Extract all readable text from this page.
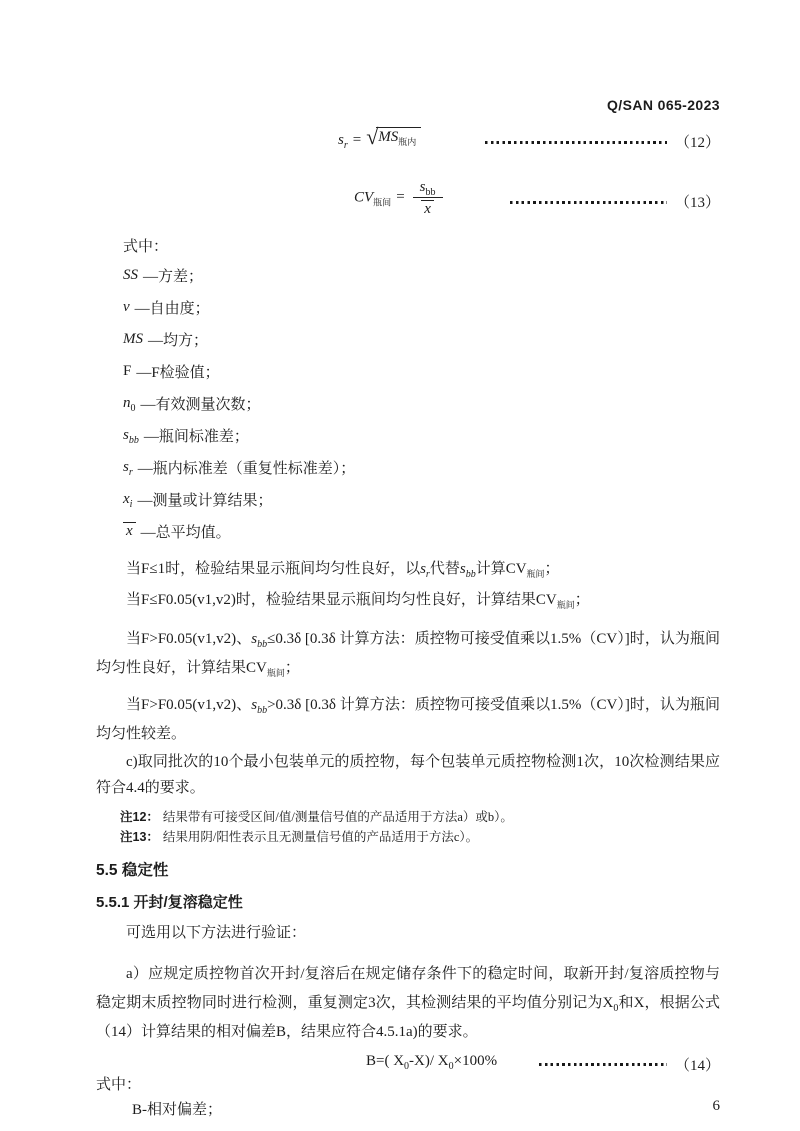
Q/SAN 065-2023
$s_r$ = √ $MS_{瓶内}$	（12）
$CV_{瓶间} = \frac{s_{bb}}{x}$	（13）
式中：
SS —方差；
v —自由度；
MS —均方；
F —F检验值；
$n_0$ —有效测量次数；
$s_{bb}$ —瓶间标准差；
$s_r$ —瓶内标准差（重复性标准差）；
$x_i$ —测量或计算结果；
x —总平均值。

当F≤1时，检验结果显示瓶间均匀性良好，以$s_r$代替$s_{bb}$计算$CV_{瓶间}$；

当F≤F0.05(v1,v2)时，检验结果显示瓶间均匀性良好，计算结果$CV_{瓶间}$；

当F>F0.05(v1,v2)、$s_{bb}\le 0.3\delta$ [0.3δ 计算方法：质控物可接受值乘以1.5%（CV）]时，认为瓶间均匀性良好，计算结果$CV_{瓶间}$；

当F>F0.05(v1,v2)、$s_{bb}>0.3\delta$ [0.3δ 计算方法：质控物可接受值乘以1.5%（CV）]时，认为瓶间均匀性较差。

c)取同批次的10个最小包装单元的质控物，每个包装单元质控物检测1次，10次检测结果应符合4.4的要求。

注12： 结果带有可接受区间/值/测量信号值的产品适用于方法a）或b）。
注13： 结果用阴/阳性表示且无测量信号值的产品适用于方法c）。
5.5 稳定性
5.5.1 开封/复溶稳定性

可选用以下方法进行验证：

a）应规定质控物首次开封/复溶后在规定储存条件下的稳定时间，取新开封/复溶质控物与稳定期末质控物同时进行检测，重复测定3次，其检测结果的平均值分别记为$X_0$和X，根据公式（14）计算结果的相对偏差B，结果应符合4.5.1a)的要求。

B=( $X_0-X)/$ $X_0\times 100\%$	（14）
式中：
B-相对偏差；	6
